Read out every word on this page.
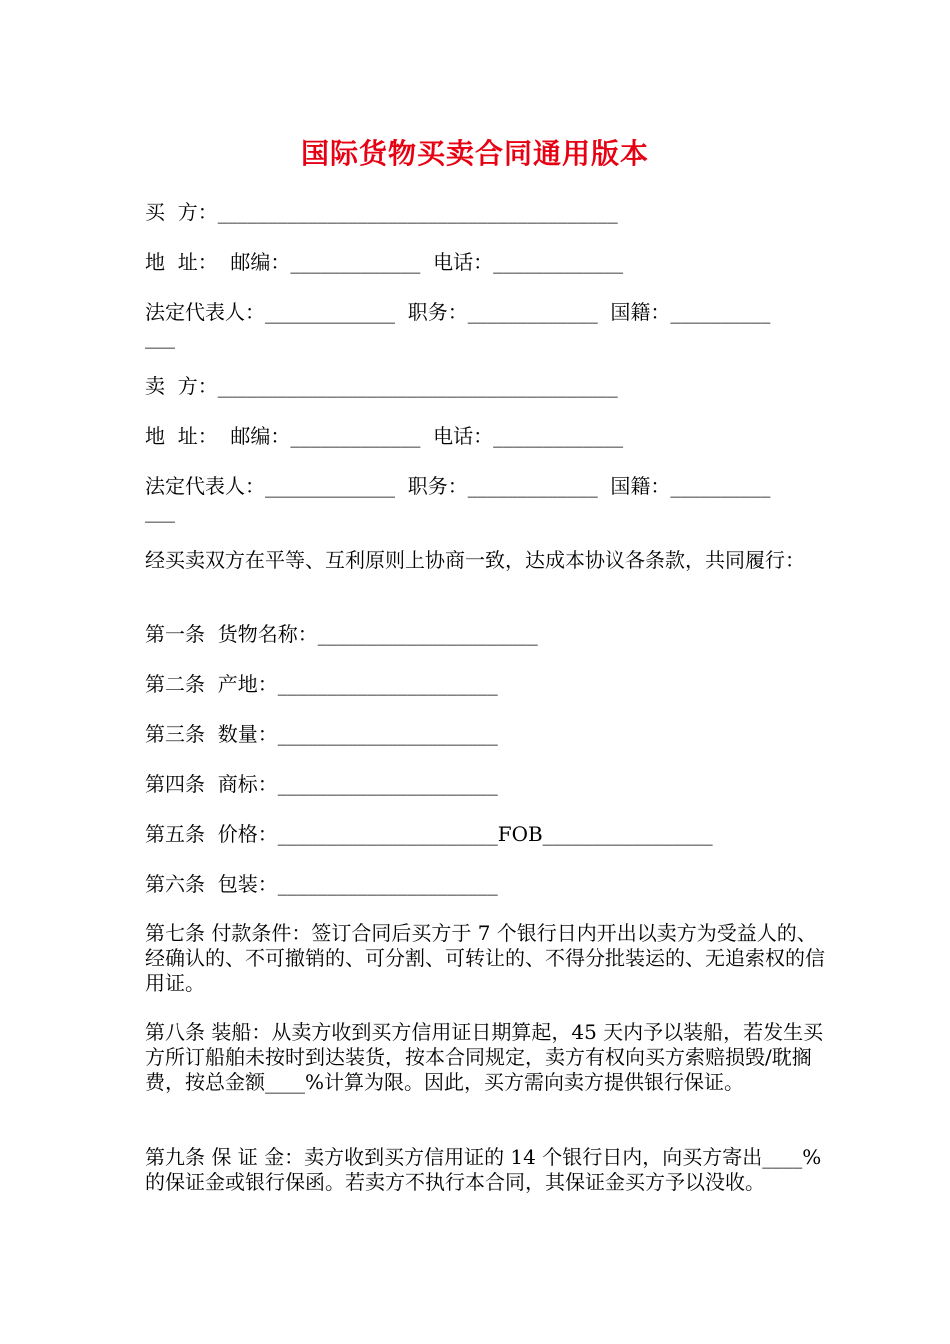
国际货物买卖合同通用版本
买  方：________________________________________
地  址：  邮编：_____________  电话：_____________
法定代表人：_____________  职务：_____________  国籍：__________
___
卖  方：________________________________________
地  址：  邮编：_____________  电话：_____________
法定代表人：_____________  职务：_____________  国籍：__________
___
经买卖双方在平等、互利原则上协商一致，达成本协议各条款，共同履行：
第一条  货物名称：______________________
第二条  产地：______________________
第三条  数量：______________________
第四条  商标：______________________
第五条  价格：______________________FOB_________________
第六条  包装：______________________
第七条 付款条件：签订合同后买方于 7 个银行日内开出以卖方为受益人的、经确认的、不可撤销的、可分割、可转让的、不得分批装运的、无追索权的信用证。
第八条 装船：从卖方收到买方信用证日期算起，45 天内予以装船，若发生买方所订船舶未按时到达装货，按本合同规定，卖方有权向买方索赔损毁/耽搁费，按总金额____%计算为限。因此，买方需向卖方提供银行保证。
第九条 保 证 金：卖方收到买方信用证的 14 个银行日内，向买方寄出____%的保证金或银行保函。若卖方不执行本合同，其保证金买方予以没收。
